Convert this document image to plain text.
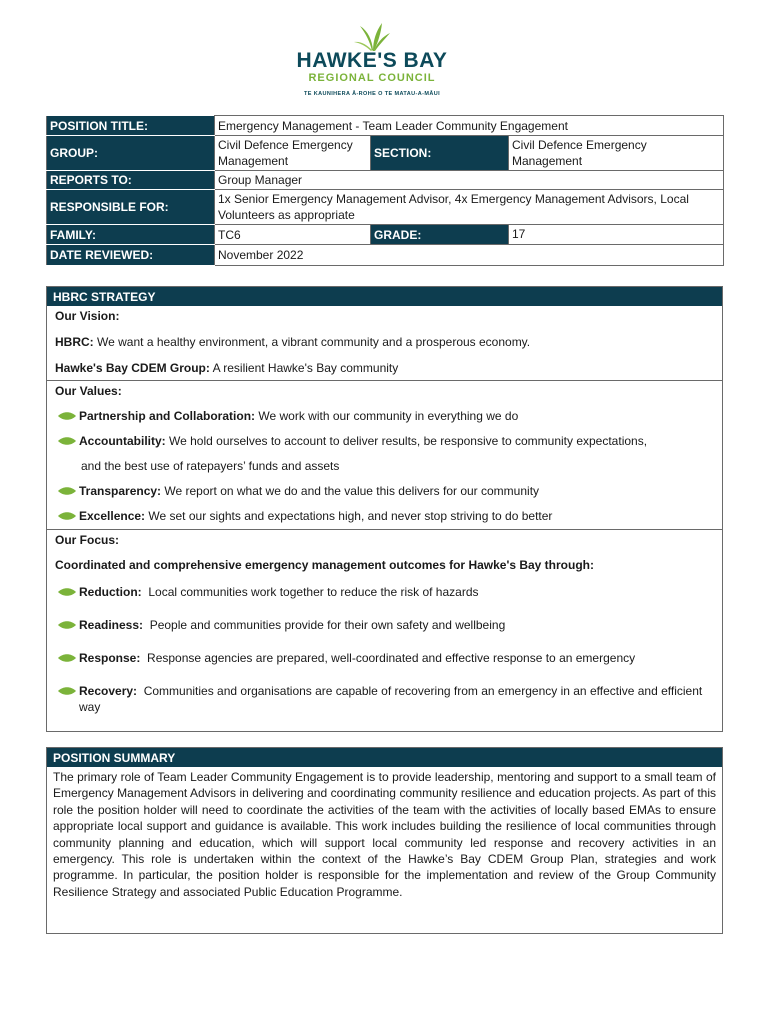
HAWKE'S BAY
REGIONAL COUNCIL
TE KAUNIHERA Ā-ROHE O TE MATAU-A-MĀUI
POSITION TITLE:	Emergency Management - Team Leader Community Engagement		
GROUP:	Civil Defence Emergency Management	SECTION:	Civil Defence Emergency Management
REPORTS TO:	Group Manager		
RESPONSIBLE FOR:	1x Senior Emergency Management Advisor, 4x Emergency Management Advisors, Local Volunteers as appropriate		
FAMILY:	TC6	GRADE:	17
DATE REVIEWED:	November 2022		
HBRC STRATEGY
Our Vision:
HBRC: We want a healthy environment, a vibrant community and a prosperous economy.
Hawke's Bay CDEM Group: A resilient Hawke's Bay community
Our Values:
Partnership and Collaboration: We work with our community in everything we do
Accountability: We hold ourselves to account to deliver results, be responsive to community expectations,
and the best use of ratepayers’ funds and assets
Transparency: We report on what we do and the value this delivers for our community
Excellence: We set our sights and expectations high, and never stop striving to do better
Our Focus:
Coordinated and comprehensive emergency management outcomes for Hawke's Bay through:
Reduction: Local communities work together to reduce the risk of hazards
Readiness: People and communities provide for their own safety and wellbeing
Response: Response agencies are prepared, well-coordinated and effective response to an emergency
Recovery: Communities and organisations are capable of recovering from an emergency in an effective and efficient way
POSITION SUMMARY
The primary role of Team Leader Community Engagement is to provide leadership, mentoring and support to a small team of Emergency Management Advisors in delivering and coordinating community resilience and education projects. As part of this role the position holder will need to coordinate the activities of the team with the activities of locally based EMAs to ensure appropriate local support and guidance is available. This work includes building the resilience of local communities through community planning and education, which will support local community led response and recovery activities in an emergency. This role is undertaken within the context of the Hawke’s Bay CDEM Group Plan, strategies and work programme. In particular, the position holder is responsible for the implementation and review of the Group Community Resilience Strategy and associated Public Education Programme.
